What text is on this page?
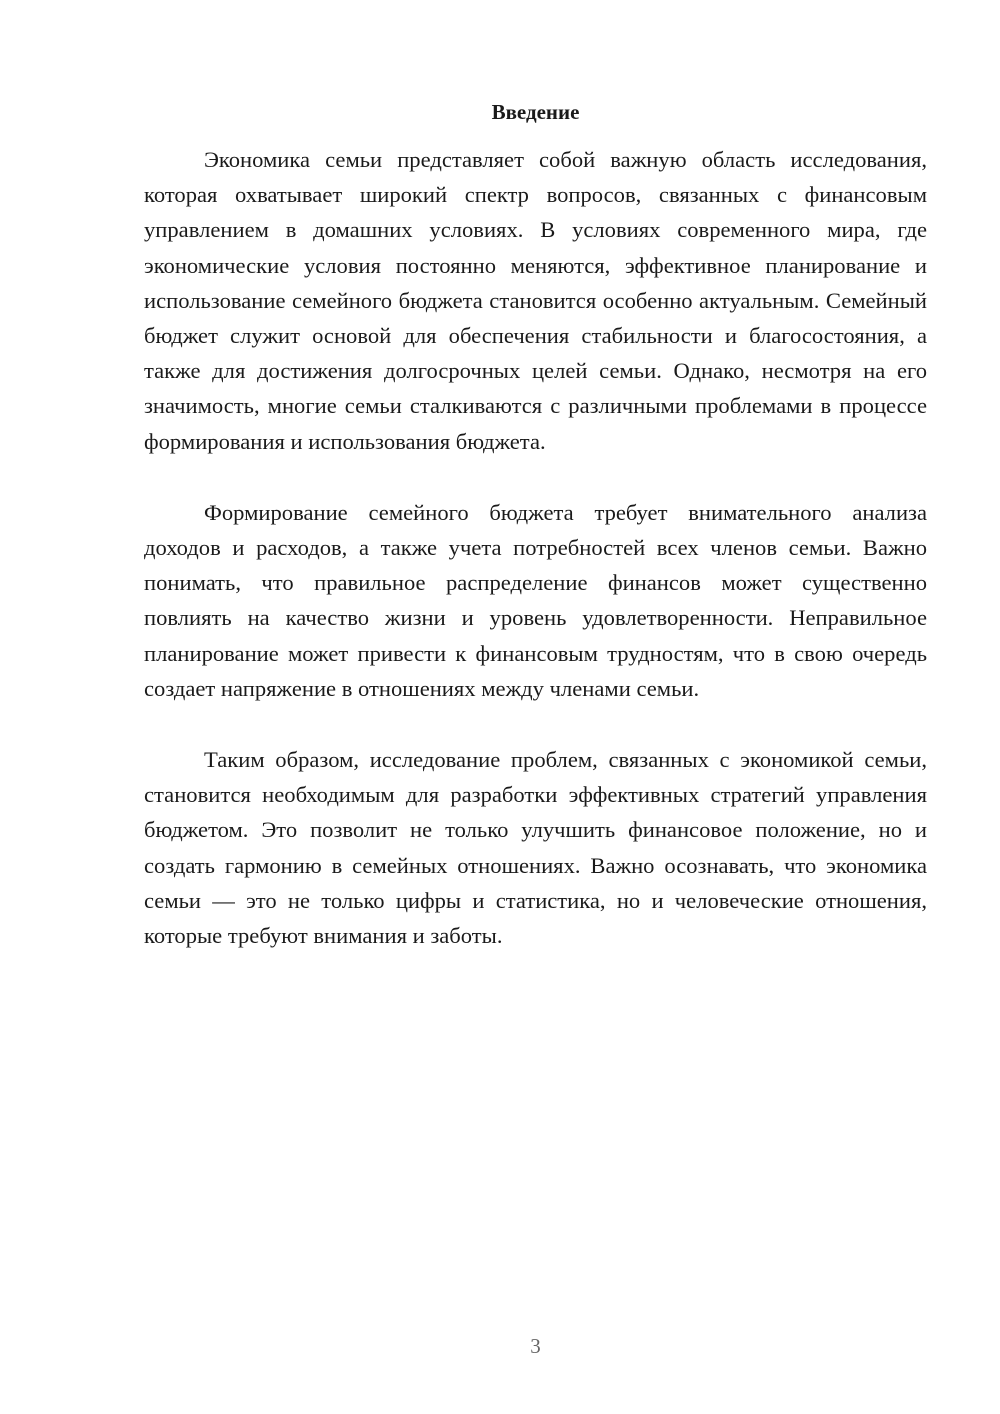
Введение

Экономика семьи представляет собой важную область исследования, которая охватывает широкий спектр вопросов, связанных с финансовым управлением в домашних условиях. В условиях современного мира, где экономические условия постоянно меняются, эффективное планирование и использование семейного бюджета становится особенно актуальным. Семейный бюджет служит основой для обеспечения стабильности и благосостояния, а также для достижения долгосрочных целей семьи. Однако, несмотря на его значимость, многие семьи сталкиваются с различными проблемами в процессе формирования и использования бюджета.

Формирование семейного бюджета требует внимательного анализа доходов и расходов, а также учета потребностей всех членов семьи. Важно понимать, что правильное распределение финансов может существенно повлиять на качество жизни и уровень удовлетворенности. Неправильное планирование может привести к финансовым трудностям, что в свою очередь создает напряжение в отношениях между членами семьи.

Таким образом, исследование проблем, связанных с экономикой семьи, становится необходимым для разработки эффективных стратегий управления бюджетом. Это позволит не только улучшить финансовое положение, но и создать гармонию в семейных отношениях. Важно осознавать, что экономика семьи — это не только цифры и статистика, но и человеческие отношения, которые требуют внимания и заботы.

3
